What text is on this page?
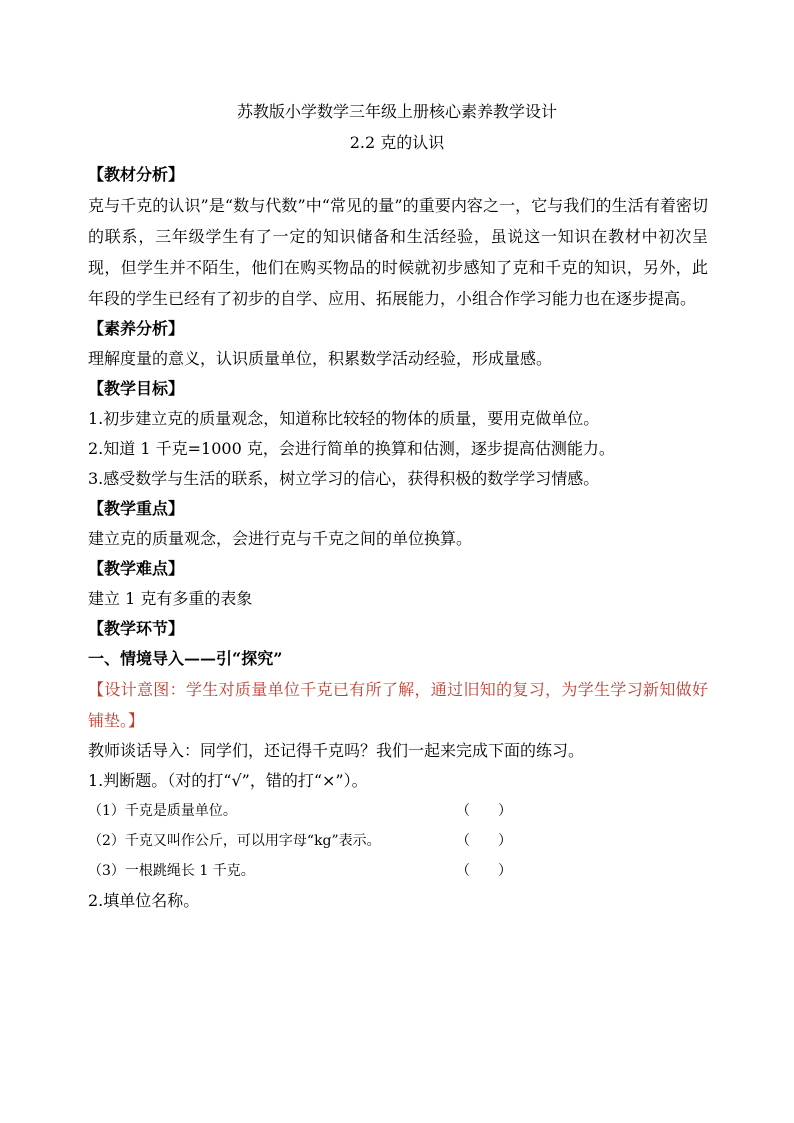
苏教版小学数学三年级上册核心素养教学设计
2.2 克的认识
【教材分析】

克与千克的认识”是“数与代数”中“常见的量”的重要内容之一，它与我们的生活有着密切的联系，三年级学生有了一定的知识储备和生活经验，虽说这一知识在教材中初次呈现，但学生并不陌生，他们在购买物品的时候就初步感知了克和千克的知识，另外，此年段的学生已经有了初步的自学、应用、拓展能力，小组合作学习能力也在逐步提高。

【素养分析】
理解度量的意义，认识质量单位，积累数学活动经验，形成量感。
【教学目标】
1.初步建立克的质量观念，知道称比较轻的物体的质量，要用克做单位。
2.知道 1 千克=1000 克，会进行简单的换算和估测，逐步提高估测能力。
3.感受数学与生活的联系，树立学习的信心，获得积极的数学学习情感。
【教学重点】
建立克的质量观念，会进行克与千克之间的单位换算。
【教学难点】
建立 1 克有多重的表象
【教学环节】
一、情境导入——引“探究”

【设计意图：学生对质量单位千克已有所了解，通过旧知的复习，为学生学习新知做好铺垫。】

教师谈话导入：同学们，还记得千克吗？我们一起来完成下面的练习。
1.判断题。（对的打“√”，错的打“×”）。
（1）千克是质量单位。	（　　）
（2）千克又叫作公斤，可以用字母“kg”表示。	（　　）
（3）一根跳绳长 1 千克。	（　　）
2.填单位名称。
